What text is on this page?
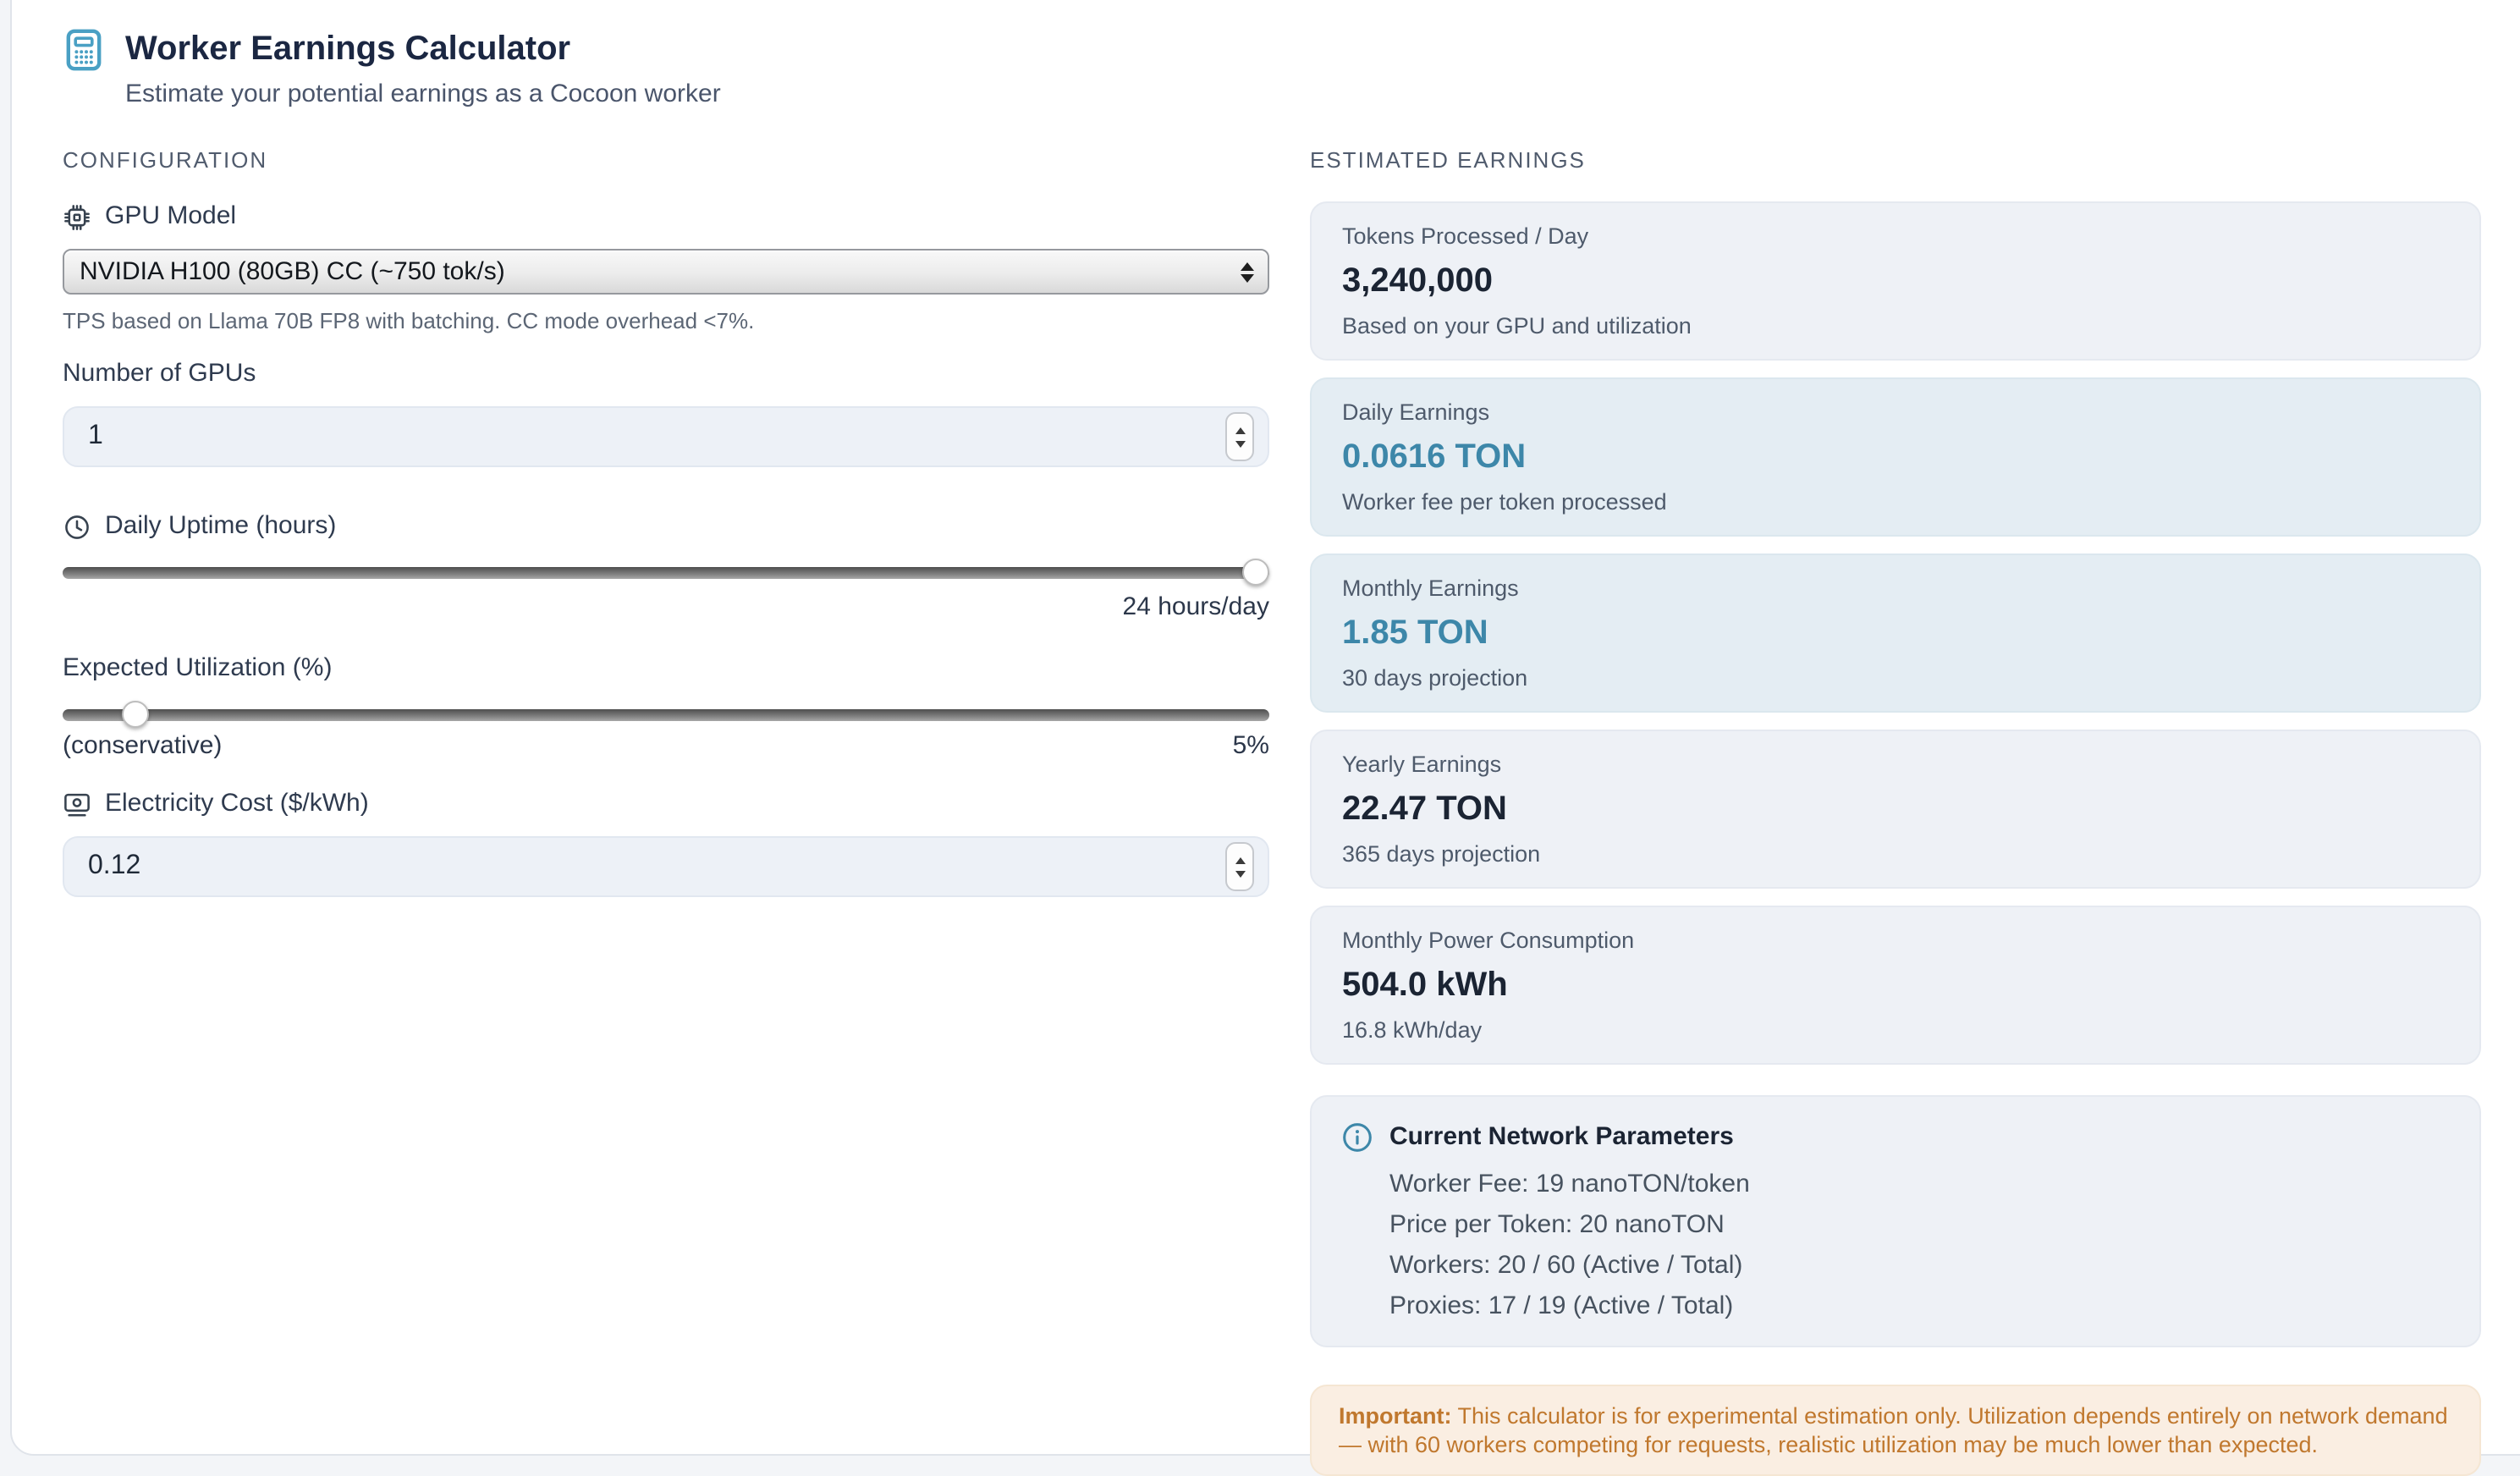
Worker Earnings Calculator
Estimate your potential earnings as a Cocoon worker
CONFIGURATION
GPU Model
NVIDIA H100 (80GB) CC (~750 tok/s)
TPS based on Llama 70B FP8 with batching. CC mode overhead <7%.
Number of GPUs
1
Daily Uptime (hours)
24 hours/day
Expected Utilization (%)
(conservative)	5%
Electricity Cost ($/kWh)
0.12
ESTIMATED EARNINGS
Tokens Processed / Day
3,240,000
Based on your GPU and utilization
Daily Earnings
0.0616 TON
Worker fee per token processed
Monthly Earnings
1.85 TON
30 days projection
Yearly Earnings
22.47 TON
365 days projection
Monthly Power Consumption
504.0 kWh
16.8 kWh/day
Current Network Parameters
Worker Fee: 19 nanoTON/token
Price per Token: 20 nanoTON
Workers: 20 / 60 (Active / Total)
Proxies: 17 / 19 (Active / Total)
Important: This calculator is for experimental estimation only. Utilization depends entirely on network demand — with 60 workers competing for requests, realistic utilization may be much lower than expected.
